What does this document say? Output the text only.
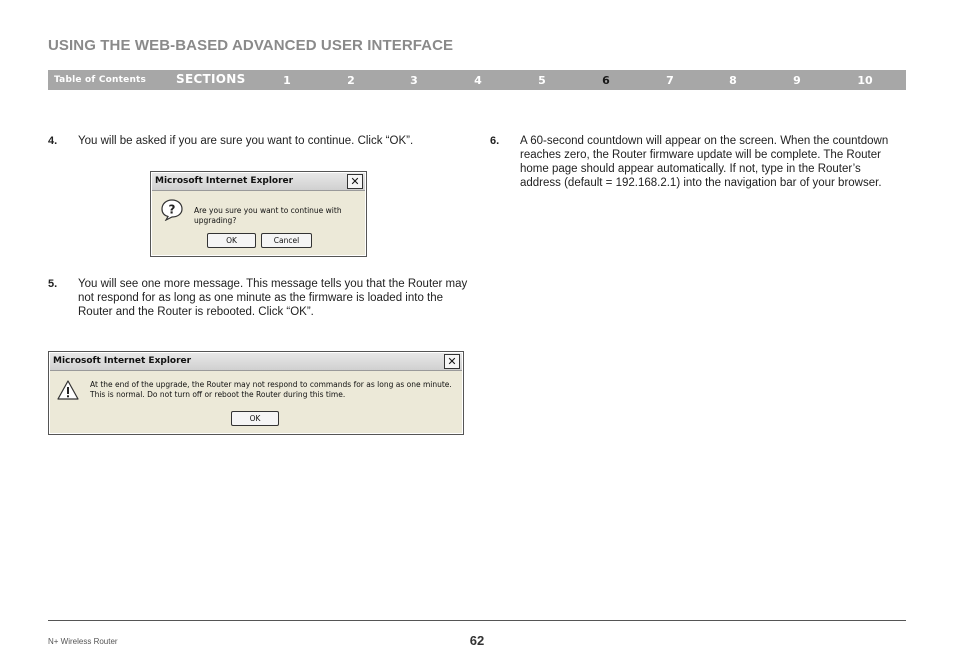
USING THE WEB-BASED ADVANCED USER INTERFACE
Table of Contents SECTIONS	1	2	3	4	5	6	7	8	9	10
4. You will be asked if you are sure you want to continue. Click “OK”.
Microsoft Internet Explorer	✕
? Are you sure you want to continue with upgrading?
OK	Cancel
5. You will see one more message. This message tells you that the Router may not respond for as long as one minute as the firmware is loaded into the Router and the Router is rebooted. Click “OK”.
Microsoft Internet Explorer	✕
At the end of the upgrade, the Router may not respond to commands for as long as one minute. This is normal. Do not turn off or reboot the Router during this time.
OK
6. A 60-second countdown will appear on the screen. When the countdown reaches zero, the Router firmware update will be complete. The Router home page should appear automatically. If not, type in the Router’s address (default = 192.168.2.1) into the navigation bar of your browser.
N+ Wireless Router	62
